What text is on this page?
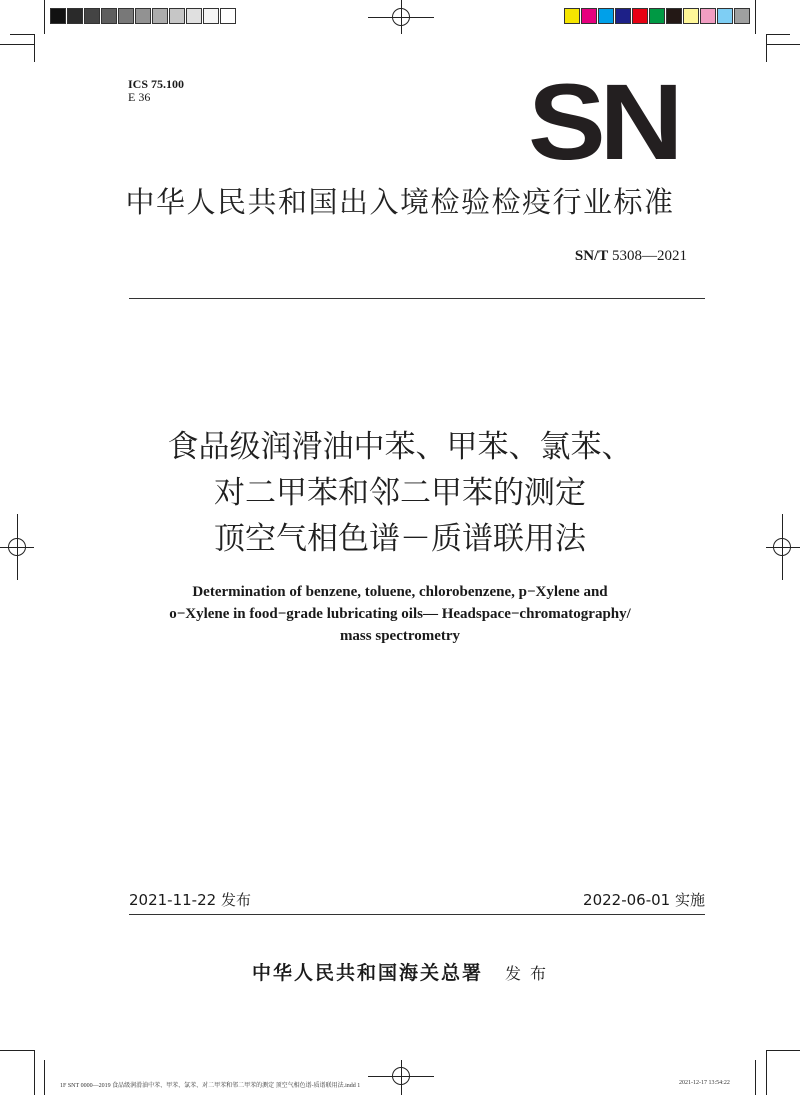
ICS 75.100
E 36	SN
中华人民共和国出入境检验检疫行业标准
SN/T 5308—2021
食品级润滑油中苯、甲苯、氯苯、
对二甲苯和邻二甲苯的测定
顶空气相色谱－质谱联用法
Determination of benzene, toluene, chlorobenzene, p−Xylene and
o−Xylene in food−grade lubricating oils— Headspace−chromatography/
mass spectrometry
2021-11-22 发布	2022-06-01 实施
中华人民共和国海关总署 发 布
1F SNT 0000—2019 食品级润滑油中苯、甲苯、氯苯、对二甲苯和邻二甲苯的测定 顶空气相色谱-质谱联用法.indd 1	2021-12-17 13:54:22
